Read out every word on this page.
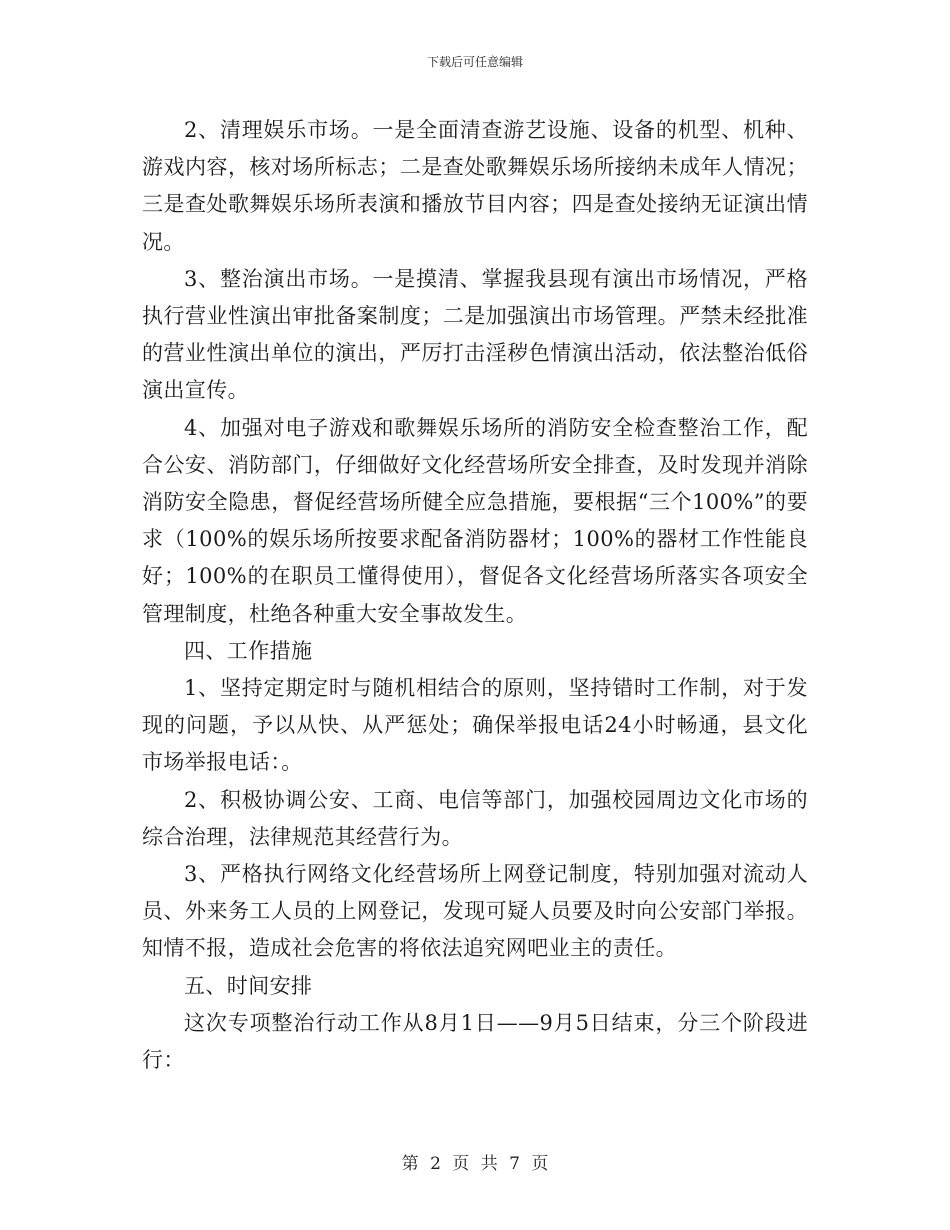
下载后可任意编辑

2、清理娱乐市场。一是全面清查游艺设施、设备的机型、机种、游戏内容，核对场所标志；二是查处歌舞娱乐场所接纳未成年人情况；三是查处歌舞娱乐场所表演和播放节目内容；四是查处接纳无证演出情况。

3、整治演出市场。一是摸清、掌握我县现有演出市场情况，严格执行营业性演出审批备案制度；二是加强演出市场管理。严禁未经批准的营业性演出单位的演出，严厉打击淫秽色情演出活动，依法整治低俗演出宣传。

4、加强对电子游戏和歌舞娱乐场所的消防安全检查整治工作，配合公安、消防部门，仔细做好文化经营场所安全排查，及时发现并消除消防安全隐患，督促经营场所健全应急措施，要根据“三个100%”的要求（100%的娱乐场所按要求配备消防器材；100%的器材工作性能良好；100%的在职员工懂得使用），督促各文化经营场所落实各项安全管理制度，杜绝各种重大安全事故发生。

四、工作措施

1、坚持定期定时与随机相结合的原则，坚持错时工作制，对于发现的问题，予以从快、从严惩处；确保举报电话24小时畅通，县文化市场举报电话：。

2、积极协调公安、工商、电信等部门，加强校园周边文化市场的综合治理，法律规范其经营行为。

3、严格执行网络文化经营场所上网登记制度，特别加强对流动人员、外来务工人员的上网登记，发现可疑人员要及时向公安部门举报。知情不报，造成社会危害的将依法追究网吧业主的责任。

五、时间安排

这次专项整治行动工作从8月1日——9月5日结束，分三个阶段进行：

第 2 页 共 7 页
